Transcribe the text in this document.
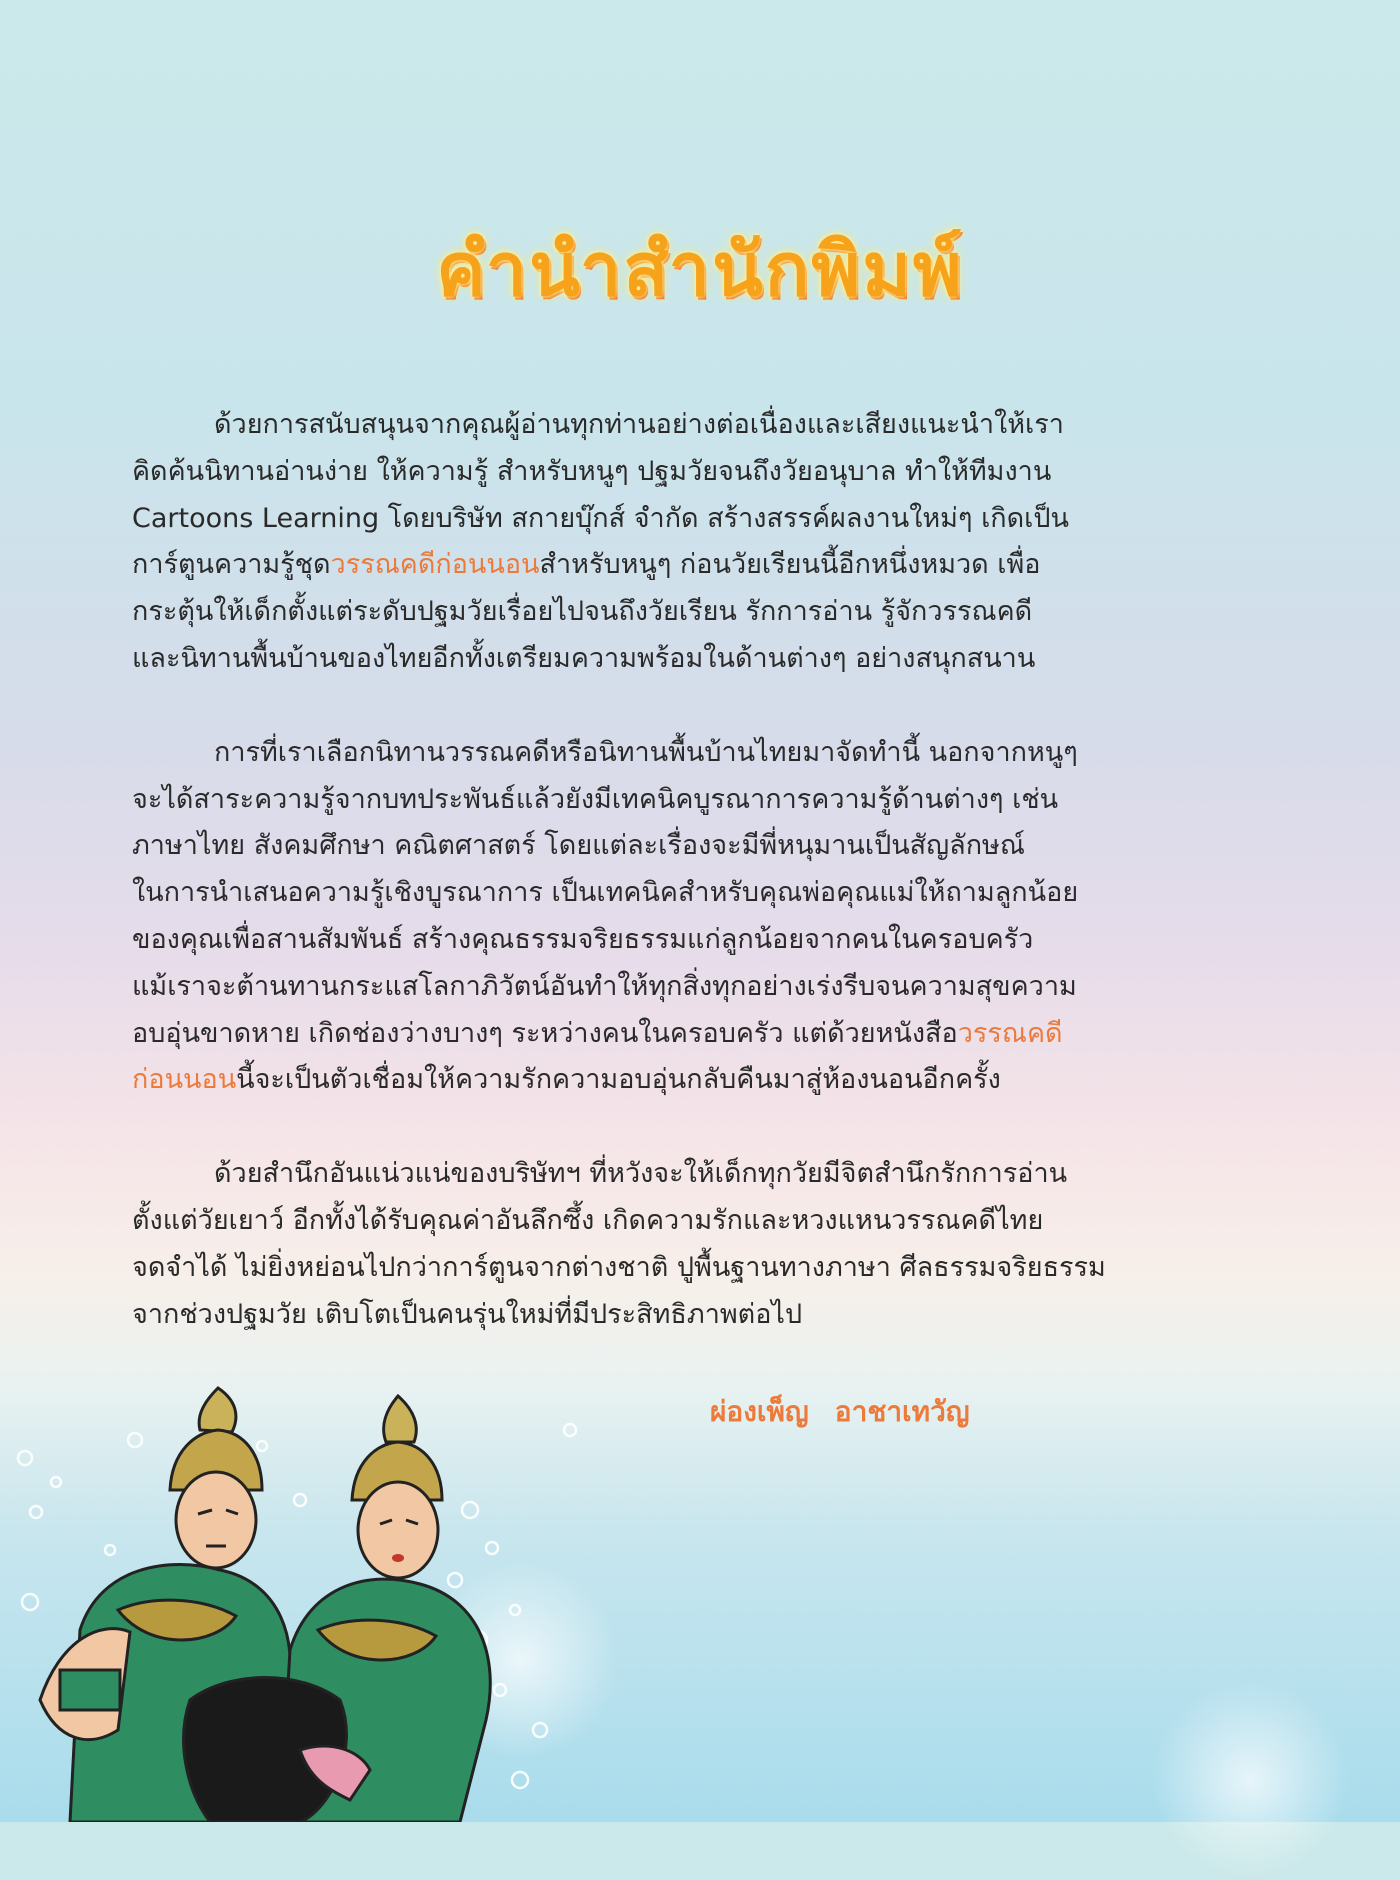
คำนำสำนักพิมพ์
ด้วยการสนับสนุนจากคุณผู้อ่านทุกท่านอย่างต่อเนื่องและเสียงแนะนำให้เรา
คิดค้นนิทานอ่านง่าย ให้ความรู้ สำหรับหนูๆ ปฐมวัยจนถึงวัยอนุบาล ทำให้ทีมงาน
Cartoons Learning โดยบริษัท สกายบุ๊กส์ จำกัด สร้างสรรค์ผลงานใหม่ๆ เกิดเป็น
การ์ตูนความรู้ชุดวรรณคดีก่อนนอนสำหรับหนูๆ ก่อนวัยเรียนนี้อีกหนึ่งหมวด เพื่อ
กระตุ้นให้เด็กตั้งแต่ระดับปฐมวัยเรื่อยไปจนถึงวัยเรียน รักการอ่าน รู้จักวรรณคดี
และนิทานพื้นบ้านของไทยอีกทั้งเตรียมความพร้อมในด้านต่างๆ อย่างสนุกสนาน
การที่เราเลือกนิทานวรรณคดีหรือนิทานพื้นบ้านไทยมาจัดทำนี้ นอกจากหนูๆ
จะได้สาระความรู้จากบทประพันธ์แล้วยังมีเทคนิคบูรณาการความรู้ด้านต่างๆ เช่น
ภาษาไทย สังคมศึกษา คณิตศาสตร์ โดยแต่ละเรื่องจะมีพี่หนุมานเป็นสัญลักษณ์
ในการนำเสนอความรู้เชิงบูรณาการ เป็นเทคนิคสำหรับคุณพ่อคุณแม่ให้ถามลูกน้อย
ของคุณเพื่อสานสัมพันธ์ สร้างคุณธรรมจริยธรรมแก่ลูกน้อยจากคนในครอบครัว
แม้เราจะต้านทานกระแสโลกาภิวัตน์อันทำให้ทุกสิ่งทุกอย่างเร่งรีบจนความสุขความ
อบอุ่นขาดหาย เกิดช่องว่างบางๆ ระหว่างคนในครอบครัว แต่ด้วยหนังสือวรรณคดี
ก่อนนอนนี้จะเป็นตัวเชื่อมให้ความรักความอบอุ่นกลับคืนมาสู่ห้องนอนอีกครั้ง
ด้วยสำนึกอันแน่วแน่ของบริษัทฯ ที่หวังจะให้เด็กทุกวัยมีจิตสำนึกรักการอ่าน
ตั้งแต่วัยเยาว์ อีกทั้งได้รับคุณค่าอันลึกซึ้ง เกิดความรักและหวงแหนวรรณคดีไทย
จดจำได้ ไม่ยิ่งหย่อนไปกว่าการ์ตูนจากต่างชาติ ปูพื้นฐานทางภาษา ศีลธรรมจริยธรรม
จากช่วงปฐมวัย เติบโตเป็นคนรุ่นใหม่ที่มีประสิทธิภาพต่อไป
ผ่องเพ็ญ อาชาเทวัญ
